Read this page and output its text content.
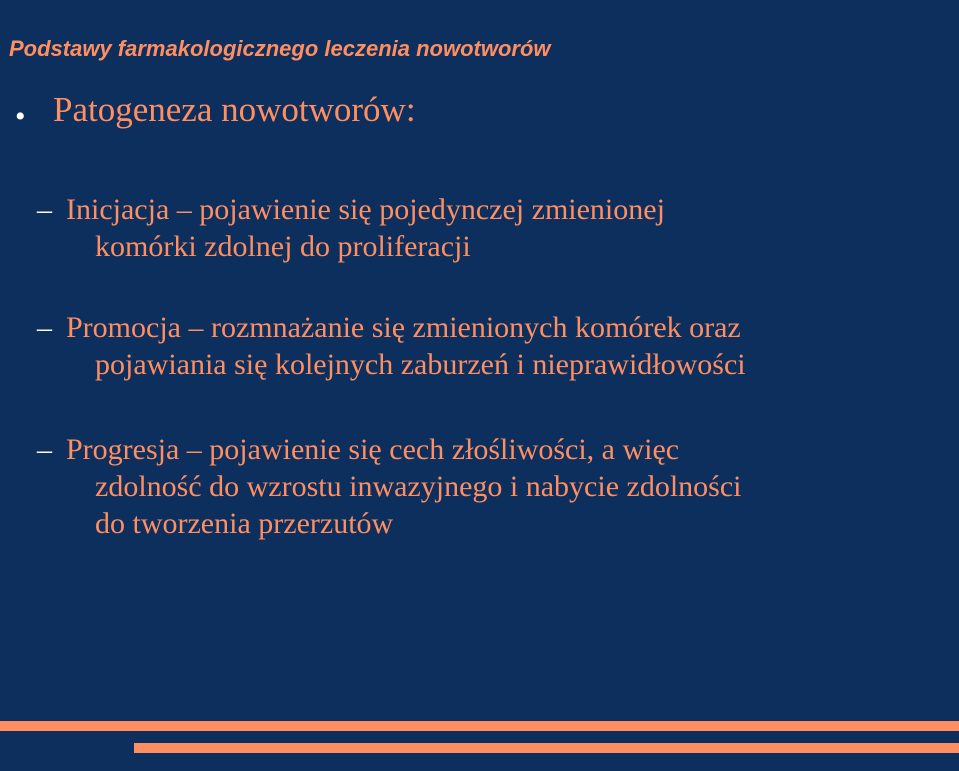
Podstawy farmakologicznego leczenia nowotworów
• Patogeneza nowotworów:
– Inicjacja – pojawienie się pojedynczej zmienionej
komórki zdolnej do proliferacji
– Promocja – rozmnażanie się zmienionych komórek oraz
pojawiania się kolejnych zaburzeń i nieprawidłowości
– Progresja – pojawienie się cech złośliwości, a więc
zdolność do wzrostu inwazyjnego i nabycie zdolności
do tworzenia przerzutów
